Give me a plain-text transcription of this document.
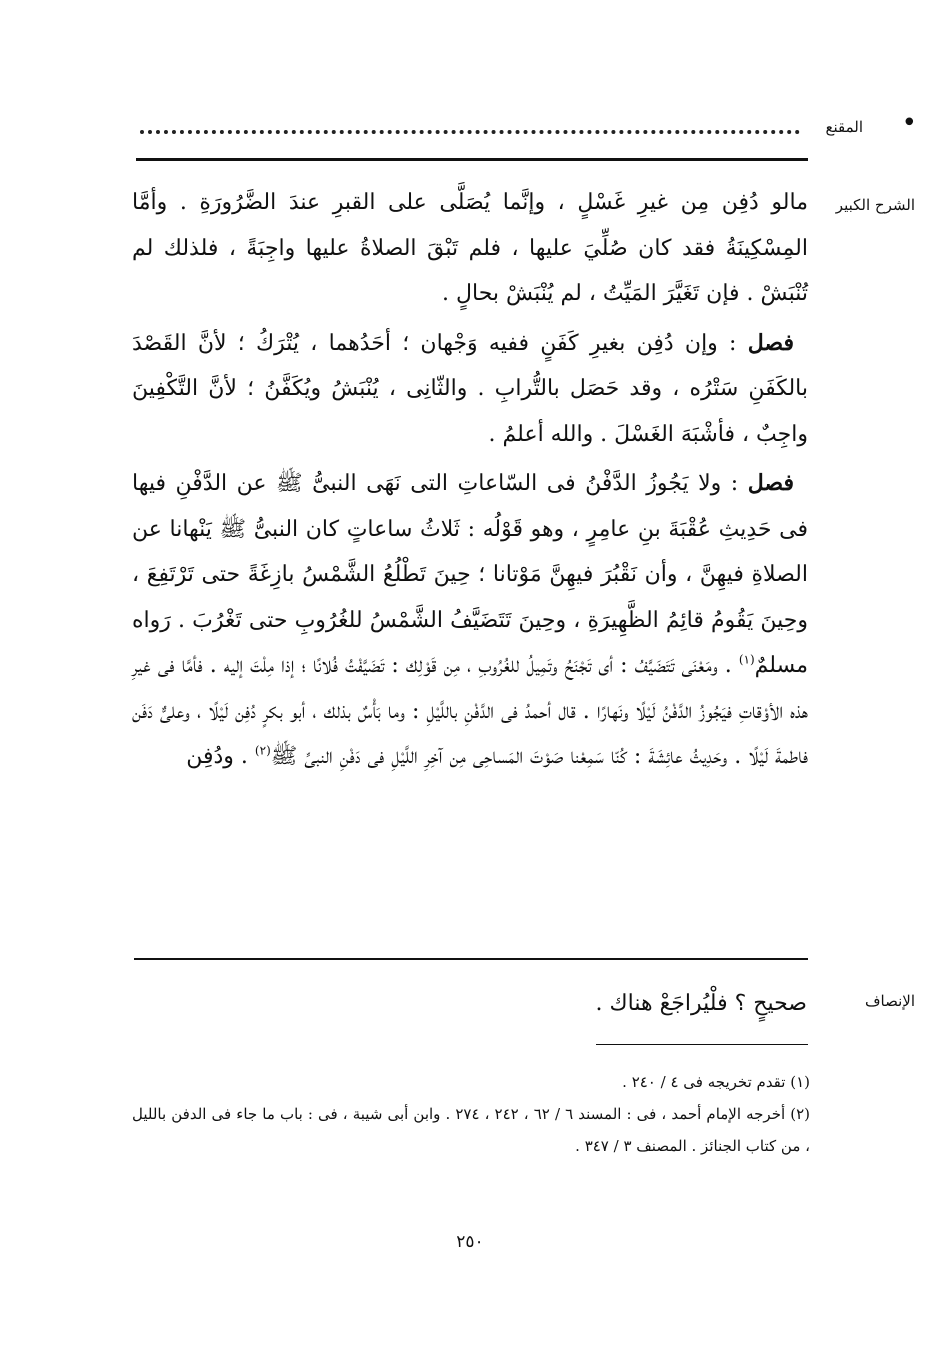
•
المقنع
الشرح الكبير

مالو دُفِن مِن غيرِ غَسْلٍ ، وإنَّما يُصَلَّى على القبرِ عندَ الضَّرُورَةِ . وأمَّا المِسْكِينَةُ فقد كان صُلِّيَ عليها ، فلم تَبْقَ الصلاةُ عليها واجِبَةً ، فلذلك لم تُنْبَشْ . فإن تَغَيَّرَ المَيِّتُ ، لم يُنْبَشْ بحالٍ .

فصل : وإن دُفِن بغيرِ كَفَنٍ ففيه وَجْهان ؛ أحَدُهما ، يُتْرَكُ ؛ لأنَّ القَصْدَ بالكَفَنِ سَتْرُه ، وقد حَصَل بالتُّرابِ . والثّانِى ، يُنْبَشُ ويُكَفَّنُ ؛ لأنَّ التَّكْفِينَ واجِبٌ ، فأشْبَهَ الغَسْلَ . والله أعلمُ .

فصل : ولا يَجُوزُ الدَّفْنُ فى السّاعاتِ التى نَهَى النبىُّ ﷺ عن الدَّفْنِ فيها فى حَدِيثِ عُقْبَةَ بنِ عامِرٍ ، وهو قَوْلُه : ثَلاثُ ساعاتٍ كان النبىُّ ﷺ يَنْهانا عن الصلاةِ فيهِنَّ ، وأن نَقْبُرَ فيهِنَّ مَوْتانا ؛ حِينَ تَطْلُعُ الشَّمْسُ بازِغَةً حتى تَرْتَفِعَ ، وحِينَ يَقُومُ قائِمُ الظَّهِيرَةِ ، وحِينَ تَتَضَيَّفُ الشَّمْسُ للغُرُوبِ حتى تَغْرُبَ . رَواه مسلمٌ$^{(١)}$ . ومَعْنَى تَتَضَيَّفُ : أى تَجْنَحُ وتَمِيلُ للغُرُوبِ ، مِن قَوْلِك : تَضَيَّفْتُ فُلانًا ؛ إذا مِلْتَ إليه . فأمَّا فى غيرِ هذه الأوْقاتِ فيَجُوزُ الدَّفْنُ لَيْلًا ونَهارًا . قال أحمدُ فى الدَّفْنِ باللَّيْلِ : وما بَأْسٌ بذلك ، أبو بكرٍ دُفِن لَيْلًا ، وعلىٌّ دَفَن فاطمةَ لَيْلًا . وحَدِيثُ عائِشَةَ : كُنّا سَمِعْنا صَوْتَ المَساحِى مِن آخِرِ اللَّيْلِ فى دَفْنِ النبىِّ ﷺ$^{(٢)}$ . ودُفِن

الإنصاف
صحيحٍ ؟ فلْيُراجَعْ هناك .

(١) تقدم تخريجه فى ٤ / ٢٤٠ .

(٢) أخرجه الإمام أحمد ، فى : المسند ٦ / ٦٢ ، ٢٤٢ ، ٢٧٤ . وابن أبى شيبة ، فى : باب ما جاء فى الدفن بالليل ، من كتاب الجنائز . المصنف ٣ / ٣٤٧ .

٢٥٠
